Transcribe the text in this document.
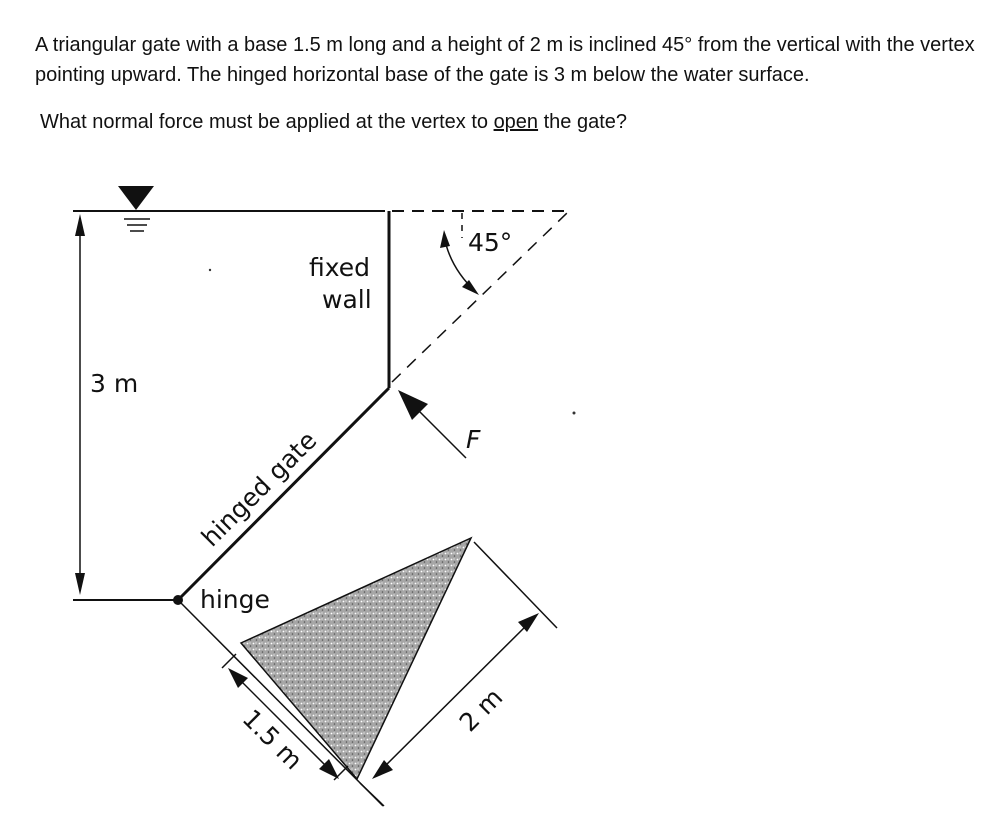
A triangular gate with a base 1.5 m long and a height of 2 m is inclined 45° from the vertical with the vertex pointing upward. The hinged horizontal base of the gate is 3 m below the water surface.

What normal force must be applied at the vertex to open the gate?

3 m
fixed
wall
45°
hinged gate
hinge
F
1.5 m	2 m
